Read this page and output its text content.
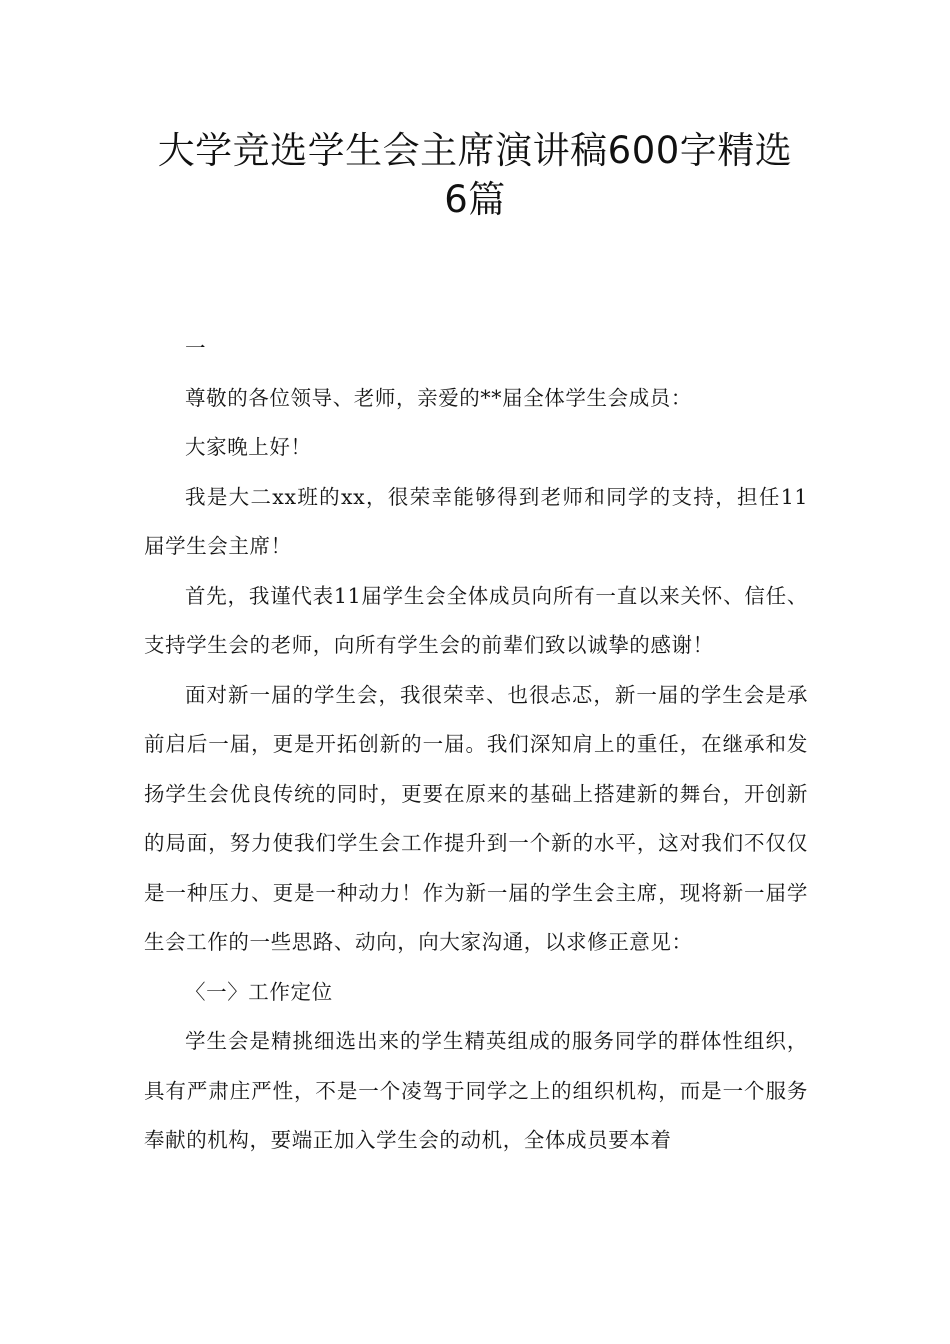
大学竞选学生会主席演讲稿600字精选
6篇

一

尊敬的各位领导、老师，亲爱的**届全体学生会成员：

大家晚上好！

我是大二xx班的xx，很荣幸能够得到老师和同学的支持，担任11届学生会主席！

首先，我谨代表11届学生会全体成员向所有一直以来关怀、信任、支持学生会的老师，向所有学生会的前辈们致以诚挚的感谢！

面对新一届的学生会，我很荣幸、也很忐忑，新一届的学生会是承前启后一届，更是开拓创新的一届。我们深知肩上的重任，在继承和发扬学生会优良传统的同时，更要在原来的基础上搭建新的舞台，开创新的局面，努力使我们学生会工作提升到一个新的水平，这对我们不仅仅是一种压力、更是一种动力！作为新一届的学生会主席，现将新一届学生会工作的一些思路、动向，向大家沟通，以求修正意见：

〈一〉工作定位

学生会是精挑细选出来的学生精英组成的服务同学的群体性组织，具有严肃庄严性，不是一个凌驾于同学之上的组织机构，而是一个服务奉献的机构，要端正加入学生会的动机，全体成员要本着
